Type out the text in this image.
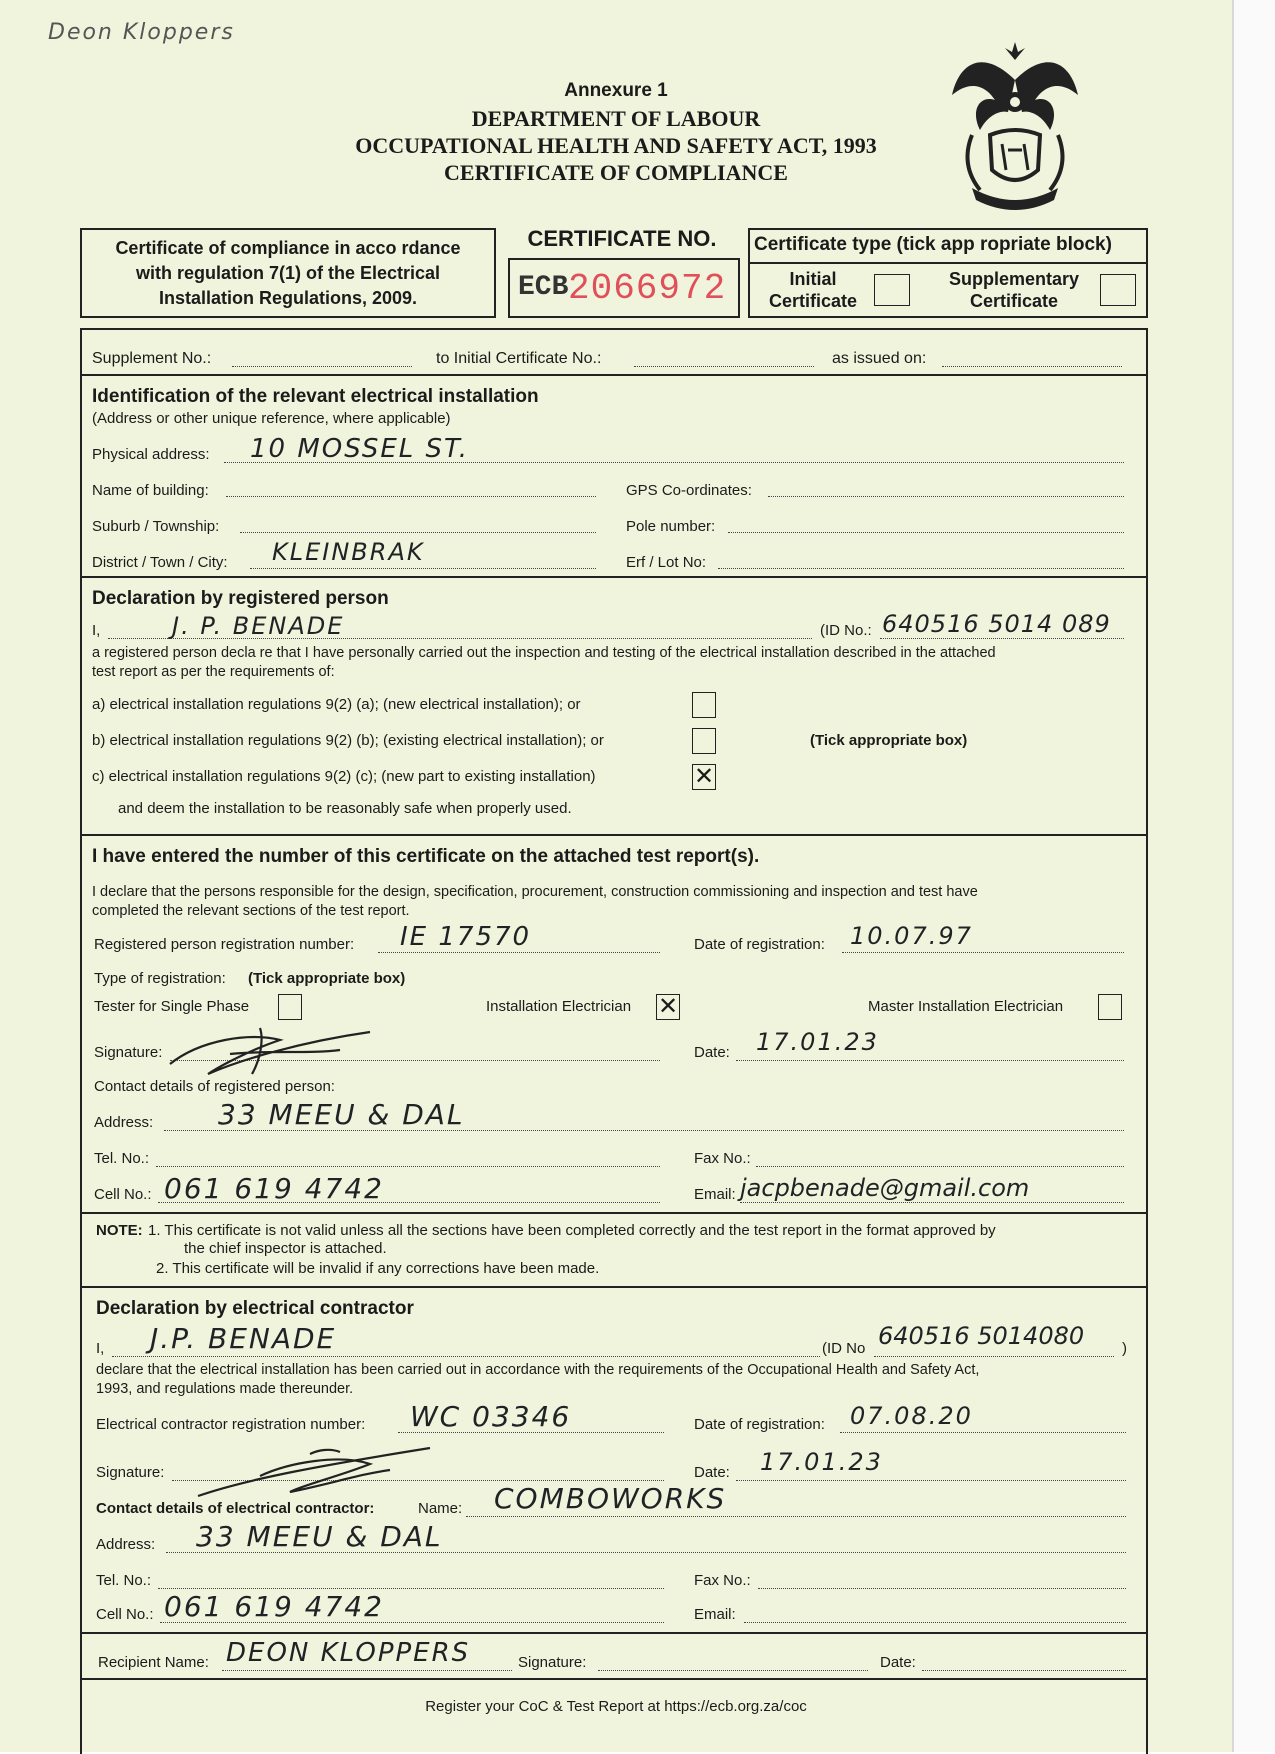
Deon Kloppers
Annexure 1
DEPARTMENT OF LABOUR
OCCUPATIONAL HEALTH AND SAFETY ACT, 1993
CERTIFICATE OF COMPLIANCE
Certificate of compliance in acco rdance
with regulation 7(1) of the Electrical
Installation Regulations, 2009.
CERTIFICATE NO.
ECB 2066972
Certificate type (tick app ropriate block)
Initial
Certificate
Supplementary
Certificate
Supplement No.:	to Initial Certificate No.:	as issued on:
Identification of the relevant electrical installation
(Address or other unique reference, where applicable)
Physical address: 10 MOSSEL ST.
Name of building:	GPS Co-ordinates:
Suburb / Township:	Pole number:
District / Town / City: KLEINBRAK	Erf / Lot No:
Declaration by registered person
I,	J. P. BENADE	(ID No.: 640516 5014 089
a registered person decla re that I have personally carried out the inspection and testing of the electrical installation described in the attached
test report as per the requirements of:
a) electrical installation regulations 9(2) (a); (new electrical installation); or
b) electrical installation regulations 9(2) (b); (existing electrical installation); or	(Tick appropriate box)
c) electrical installation regulations 9(2) (c); (new part to existing installation)	✕
and deem the installation to be reasonably safe when properly used.
I have entered the number of this certificate on the attached test report(s).
I declare that the persons responsible for the design, specification, procurement, construction commissioning and inspection and test have
completed the relevant sections of the test report.
Registered person registration number: IE 17570	Date of registration: 10.07.97
Type of registration: (Tick appropriate box)
Tester for Single Phase	Installation Electrician ✕	Master Installation Electrician
Signature:	Date: 17.01.23
Contact details of registered person:
Address: 33 MEEU & DAL
Tel. No.:	Fax No.:
Cell No.: 061 619 4742	Email: jacpbenade@gmail.com
NOTE: 1. This certificate is not valid unless all the sections have been completed correctly and the test report in the format approved by
the chief inspector is attached.
2. This certificate will be invalid if any corrections have been made.
Declaration by electrical contractor
I, J.P. BENADE	(ID No 640516 5014080	)
declare that the electrical installation has been carried out in accordance with the requirements of the Occupational Health and Safety Act,
1993, and regulations made thereunder.
Electrical contractor registration number: WC 03346	Date of registration: 07.08.20
Signature:	Date: 17.01.23
Contact details of electrical contractor:	Name: COMBOWORKS
Address: 33 MEEU & DAL
Tel. No.:	Fax No.:
Cell No.: 061 619 4742	Email:
Recipient Name: DEON KLOPPERS	Signature:	Date:
Register your CoC & Test Report at https://ecb.org.za/coc
